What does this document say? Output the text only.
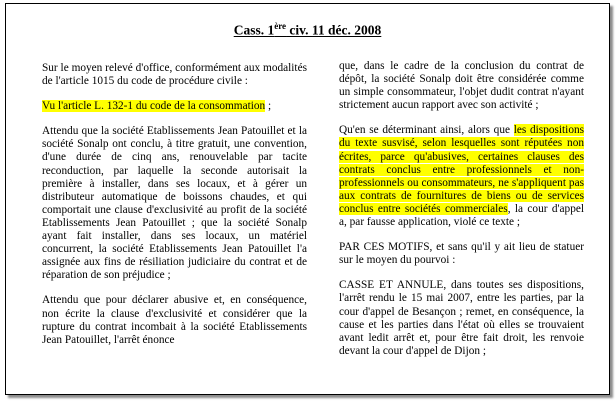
Cass. 1ère civ. 11 déc. 2008

Sur le moyen relevé d'office, conformément aux modalités de l'article 1015 du code de procédure civile :

Vu l'article L. 132-1 du code de la consommation ;

Attendu que la société Etablissements Jean Patouillet et la société Sonalp ont conclu, à titre gratuit, une convention, d'une durée de cinq ans, renouvelable par tacite reconduction, par laquelle la seconde autorisait la première à installer, dans ses locaux, et à gérer un distributeur automatique de boissons chaudes, et qui comportait une clause d'exclusivité au profit de la société Etablissements Jean Patouillet ; que la société Sonalp ayant fait installer, dans ses locaux, un matériel concurrent, la société Etablissements Jean Patouillet l'a assignée aux fins de résiliation judiciaire du contrat et de réparation de son préjudice ;

Attendu que pour déclarer abusive et, en conséquence, non écrite la clause d'exclusivité et considérer que la rupture du contrat incombait à la société Etablissements Jean Patouillet, l'arrêt énonce

que, dans le cadre de la conclusion du contrat de dépôt, la société Sonalp doit être considérée comme un simple consommateur, l'objet dudit contrat n'ayant strictement aucun rapport avec son activité ;

Qu'en se déterminant ainsi, alors que les dispositions du texte susvisé, selon lesquelles sont réputées non écrites, parce qu'abusives, certaines clauses des contrats conclus entre professionnels et non-professionnels ou consommateurs, ne s'appliquent pas aux contrats de fournitures de biens ou de services conclus entre sociétés commerciales, la cour d'appel a, par fausse application, violé ce texte ;

PAR CES MOTIFS, et sans qu'il y ait lieu de statuer sur le moyen du pourvoi :

CASSE ET ANNULE, dans toutes ses dispositions, l'arrêt rendu le 15 mai 2007, entre les parties, par la cour d'appel de Besançon ; remet, en conséquence, la cause et les parties dans l'état où elles se trouvaient avant ledit arrêt et, pour être fait droit, les renvoie devant la cour d'appel de Dijon ;
